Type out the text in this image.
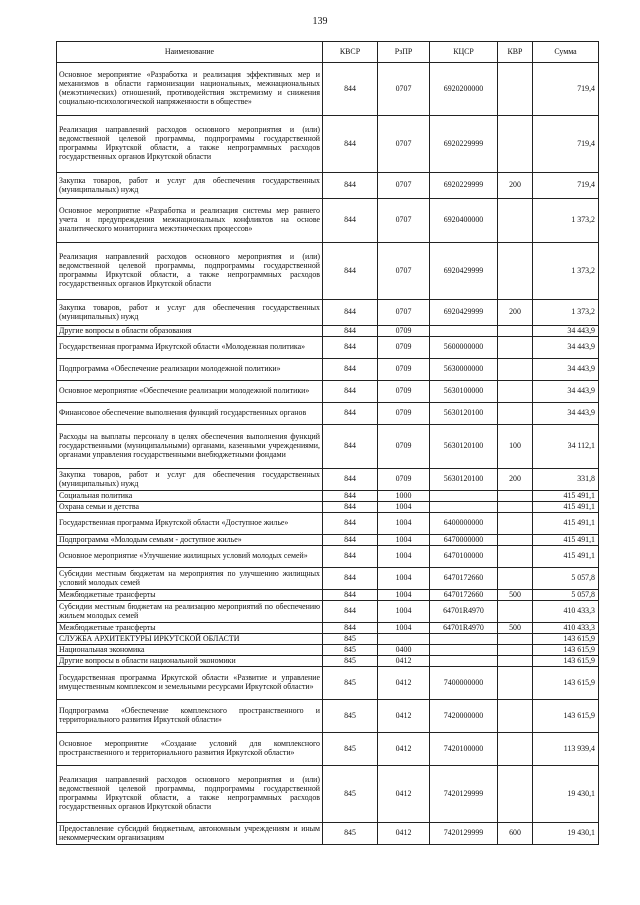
139
Наименование	КВСР	РзПР	КЦСР	КВР	Сумма
Основное мероприятие «Разработка и реализация эффективных мер и механизмов в области гармонизации национальных, межнациональных (межэтнических) отношений, противодействия экстремизму и снижения социально-психологической напряженности в обществе»	844	0707	6920200000		719,4
Реализация направлений расходов основного мероприятия и (или) ведомственной целевой программы, подпрограммы государственной программы Иркутской области, а также непрограммных расходов государственных органов Иркутской области	844	0707	6920229999		719,4
Закупка товаров, работ и услуг для обеспечения государственных (муниципальных) нужд	844	0707	6920229999	200	719,4
Основное мероприятие «Разработка и реализация системы мер раннего учета и предупреждения межнациональных конфликтов на основе аналитического мониторинга межэтнических процессов»	844	0707	6920400000		1 373,2
Реализация направлений расходов основного мероприятия и (или) ведомственной целевой программы, подпрограммы государственной программы Иркутской области, а также непрограммных расходов государственных органов Иркутской области	844	0707	6920429999		1 373,2
Закупка товаров, работ и услуг для обеспечения государственных (муниципальных) нужд	844	0707	6920429999	200	1 373,2
Другие вопросы в области образования	844	0709			34 443,9
Государственная программа Иркутской области «Молодежная политика»	844	0709	5600000000		34 443,9
Подпрограмма «Обеспечение реализации молодежной политики»	844	0709	5630000000		34 443,9
Основное мероприятие «Обеспечение реализации молодежной политики»	844	0709	5630100000		34 443,9
Финансовое обеспечение выполнения функций государственных органов	844	0709	5630120100		34 443,9
Расходы на выплаты персоналу в целях обеспечения выполнения функций государственными (муниципальными) органами, казенными учреждениями, органами управления государственными внебюджетными фондами	844	0709	5630120100	100	34 112,1
Закупка товаров, работ и услуг для обеспечения государственных (муниципальных) нужд	844	0709	5630120100	200	331,8
Социальная политика	844	1000			415 491,1
Охрана семьи и детства	844	1004			415 491,1
Государственная программа Иркутской области «Доступное жилье»	844	1004	6400000000		415 491,1
Подпрограмма «Молодым семьям - доступное жилье»	844	1004	6470000000		415 491,1
Основное мероприятие «Улучшение жилищных условий молодых семей»	844	1004	6470100000		415 491,1
Субсидии местным бюджетам на мероприятия по улучшению жилищных условий молодых семей	844	1004	6470172660		5 057,8
Межбюджетные трансферты	844	1004	6470172660	500	5 057,8
Субсидии местным бюджетам на реализацию мероприятий по обеспечению жильем молодых семей	844	1004	64701R4970		410 433,3
Межбюджетные трансферты	844	1004	64701R4970	500	410 433,3
СЛУЖБА АРХИТЕКТУРЫ ИРКУТСКОЙ ОБЛАСТИ	845				143 615,9
Национальная экономика	845	0400			143 615,9
Другие вопросы в области национальной экономики	845	0412			143 615,9
Государственная программа Иркутской области «Развитие и управление имущественным комплексом и земельными ресурсами Иркутской области»	845	0412	7400000000		143 615,9
Подпрограмма «Обеспечение комплексного пространственного и территориального развития Иркутской области»	845	0412	7420000000		143 615,9
Основное мероприятие «Создание условий для комплексного пространственного и территориального развития Иркутской области»	845	0412	7420100000		113 939,4
Реализация направлений расходов основного мероприятия и (или) ведомственной целевой программы, подпрограммы государственной программы Иркутской области, а также непрограммных расходов государственных органов Иркутской области	845	0412	7420129999		19 430,1
Предоставление субсидий бюджетным, автономным учреждениям и иным некоммерческим организациям	845	0412	7420129999	600	19 430,1
